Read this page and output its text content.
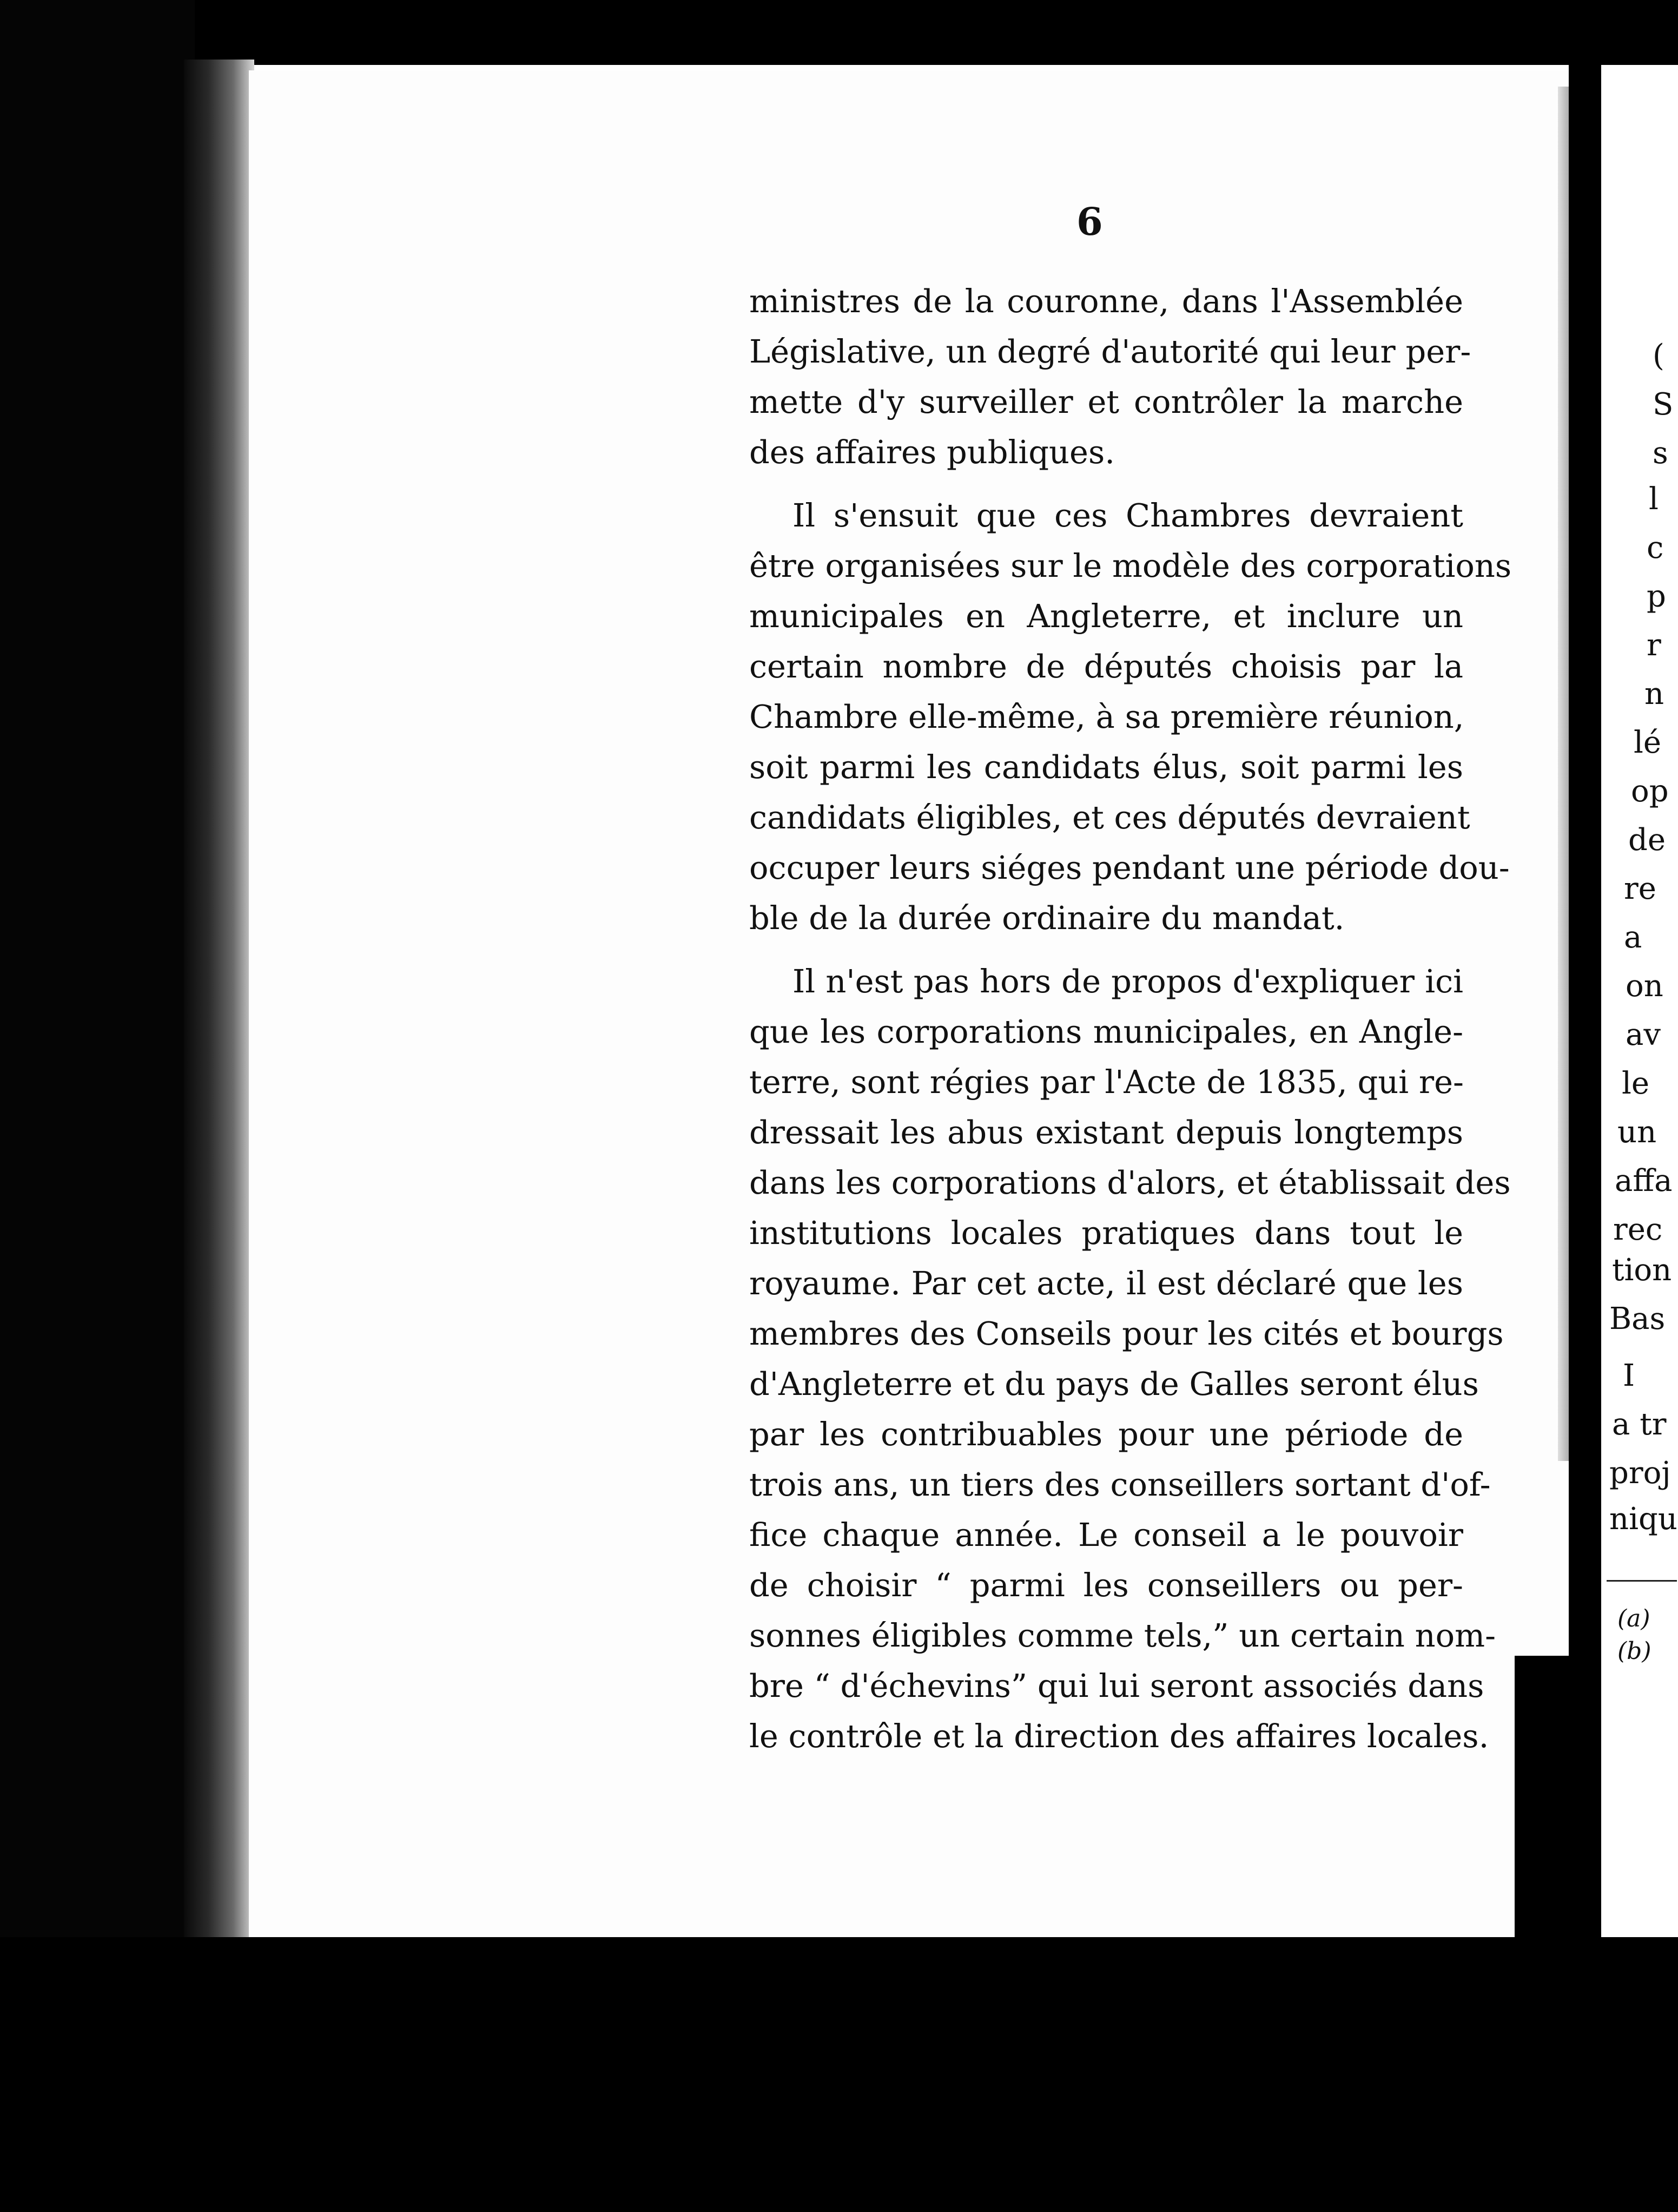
(
S
s
l
c
p
r
n
lé
op
de
re
a
on
av
le
un
affa
rec
tion
Bas
I
a tr
proj
niqu
(a)
(b)
6
ministres de la couronne, dans l'Assemblée
Législative, un degré d'autorité qui leur per-
mette d'y surveiller et contrôler la marche
des affaires publiques.
Il s'ensuit que ces Chambres devraient
être organisées sur le modèle des corporations
municipales en Angleterre, et inclure un
certain nombre de députés choisis par la
Chambre elle-même, à sa première réunion,
soit parmi les candidats élus, soit parmi les
candidats éligibles, et ces députés devraient
occuper leurs siéges pendant une période dou-
ble de la durée ordinaire du mandat.
Il n'est pas hors de propos d'expliquer ici
que les corporations municipales, en Angle-
terre, sont régies par l'Acte de 1835, qui re-
dressait les abus existant depuis longtemps
dans les corporations d'alors, et établissait des
institutions locales pratiques dans tout le
royaume. Par cet acte, il est déclaré que les
membres des Conseils pour les cités et bourgs
d'Angleterre et du pays de Galles seront élus
par les contribuables pour une période de
trois ans, un tiers des conseillers sortant d'of-
fice chaque année. Le conseil a le pouvoir
de choisir “ parmi les conseillers ou per-
sonnes éligibles comme tels,” un certain nom-
bre “ d'échevins” qui lui seront associés dans
le contrôle et la direction des affaires locales.
